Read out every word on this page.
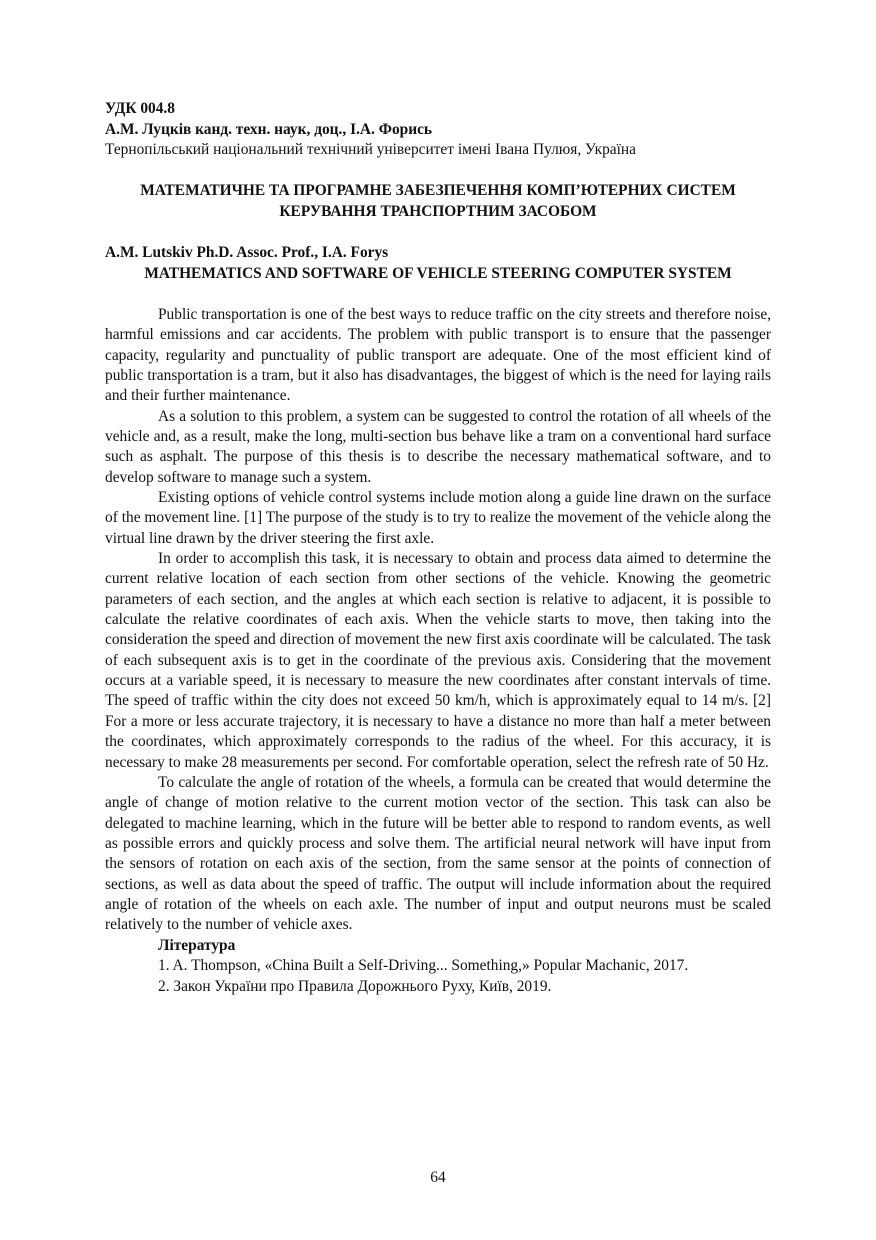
УДК 004.8
А.М. Луцків канд. техн. наук, доц., І.А. Форись
Тернопільський національний технічний університет імені Івана Пулюя, Україна
МАТЕМАТИЧНЕ ТА ПРОГРАМНЕ ЗАБЕЗПЕЧЕННЯ КОМП’ЮТЕРНИХ СИСТЕМ КЕРУВАННЯ ТРАНСПОРТНИМ ЗАСОБОМ
A.M. Lutskiv Ph.D. Assoc. Prof., I.A. Forys
MATHEMATICS AND SOFTWARE OF VEHICLE STEERING COMPUTER SYSTEM

Public transportation is one of the best ways to reduce traffic on the city streets and therefore noise, harmful emissions and car accidents. The problem with public transport is to ensure that the passenger capacity, regularity and punctuality of public transport are adequate. One of the most efficient kind of public transportation is a tram, but it also has disadvantages, the biggest of which is the need for laying rails and their further maintenance.

As a solution to this problem, a system can be suggested to control the rotation of all wheels of the vehicle and, as a result, make the long, multi-section bus behave like a tram on a conventional hard surface such as asphalt. The purpose of this thesis is to describe the necessary mathematical software, and to develop software to manage such a system.

Existing options of vehicle control systems include motion along a guide line drawn on the surface of the movement line. [1] The purpose of the study is to try to realize the movement of the vehicle along the virtual line drawn by the driver steering the first axle.

In order to accomplish this task, it is necessary to obtain and process data aimed to determine the current relative location of each section from other sections of the vehicle. Knowing the geometric parameters of each section, and the angles at which each section is relative to adjacent, it is possible to calculate the relative coordinates of each axis. When the vehicle starts to move, then taking into the consideration the speed and direction of movement the new first axis coordinate will be calculated. The task of each subsequent axis is to get in the coordinate of the previous axis. Considering that the movement occurs at a variable speed, it is necessary to measure the new coordinates after constant intervals of time. The speed of traffic within the city does not exceed 50 km/h, which is approximately equal to 14 m/s. [2] For a more or less accurate trajectory, it is necessary to have a distance no more than half a meter between the coordinates, which approximately corresponds to the radius of the wheel. For this accuracy, it is necessary to make 28 measurements per second. For comfortable operation, select the refresh rate of 50 Hz.

To calculate the angle of rotation of the wheels, a formula can be created that would determine the angle of change of motion relative to the current motion vector of the section. This task can also be delegated to machine learning, which in the future will be better able to respond to random events, as well as possible errors and quickly process and solve them. The artificial neural network will have input from the sensors of rotation on each axis of the section, from the same sensor at the points of connection of sections, as well as data about the speed of traffic. The output will include information about the required angle of rotation of the wheels on each axle. The number of input and output neurons must be scaled relatively to the number of vehicle axes.

Література
1. A. Thompson, «China Built a Self-Driving... Something,» Popular Machanic, 2017.
2. Закон України про Правила Дорожнього Руху, Київ, 2019.
64
